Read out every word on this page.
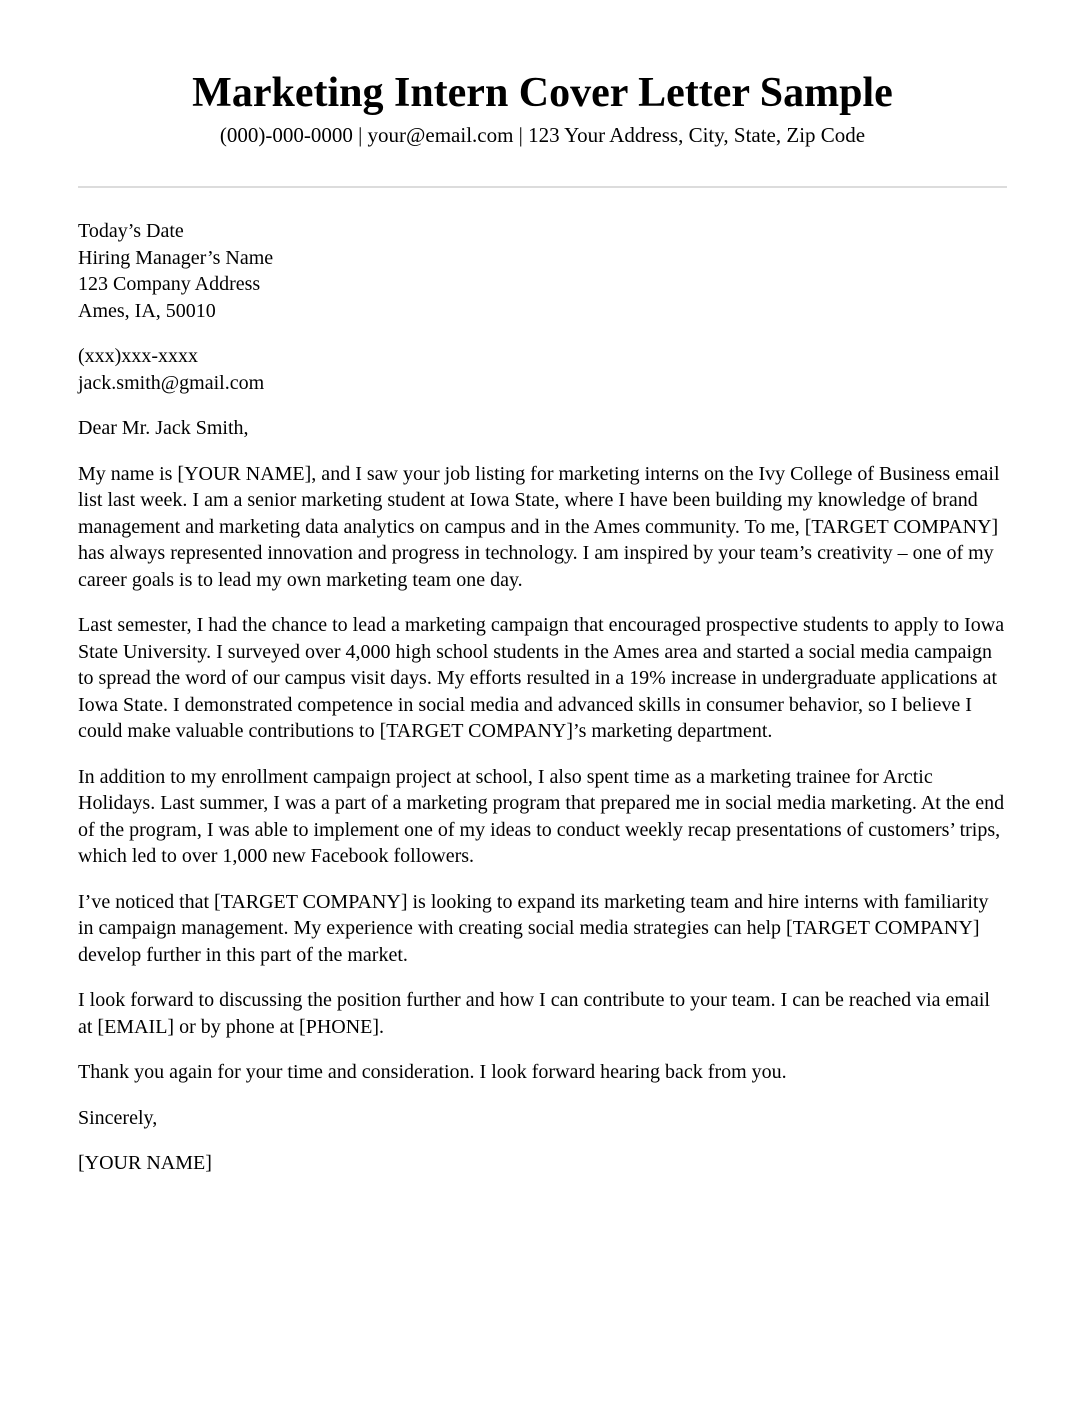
Marketing Intern Cover Letter Sample

(000)-000-0000 | your@email.com | 123 Your Address, City, State, Zip Code

Today’s Date
Hiring Manager’s Name
123 Company Address
Ames, IA, 50010
(xxx)xxx-xxxx
jack.smith@gmail.com

Dear Mr. Jack Smith,

My name is [YOUR NAME], and I saw your job listing for marketing interns on the Ivy College of Business email list last week. I am a senior marketing student at Iowa State, where I have been building my knowledge of brand management and marketing data analytics on campus and in the Ames community. To me, [TARGET COMPANY] has always represented innovation and progress in technology. I am inspired by your team’s creativity – one of my career goals is to lead my own marketing team one day.

Last semester, I had the chance to lead a marketing campaign that encouraged prospective students to apply to Iowa State University. I surveyed over 4,000 high school students in the Ames area and started a social media campaign to spread the word of our campus visit days. My efforts resulted in a 19% increase in undergraduate applications at Iowa State. I demonstrated competence in social media and advanced skills in consumer behavior, so I believe I could make valuable contributions to [TARGET COMPANY]’s marketing department.

In addition to my enrollment campaign project at school, I also spent time as a marketing trainee for Arctic Holidays. Last summer, I was a part of a marketing program that prepared me in social media marketing. At the end of the program, I was able to implement one of my ideas to conduct weekly recap presentations of customers’ trips, which led to over 1,000 new Facebook followers.

I’ve noticed that [TARGET COMPANY] is looking to expand its marketing team and hire interns with familiarity in campaign management. My experience with creating social media strategies can help [TARGET COMPANY] develop further in this part of the market.

I look forward to discussing the position further and how I can contribute to your team. I can be reached via email at [EMAIL] or by phone at [PHONE].

Thank you again for your time and consideration. I look forward hearing back from you.

Sincerely,

[YOUR NAME]
